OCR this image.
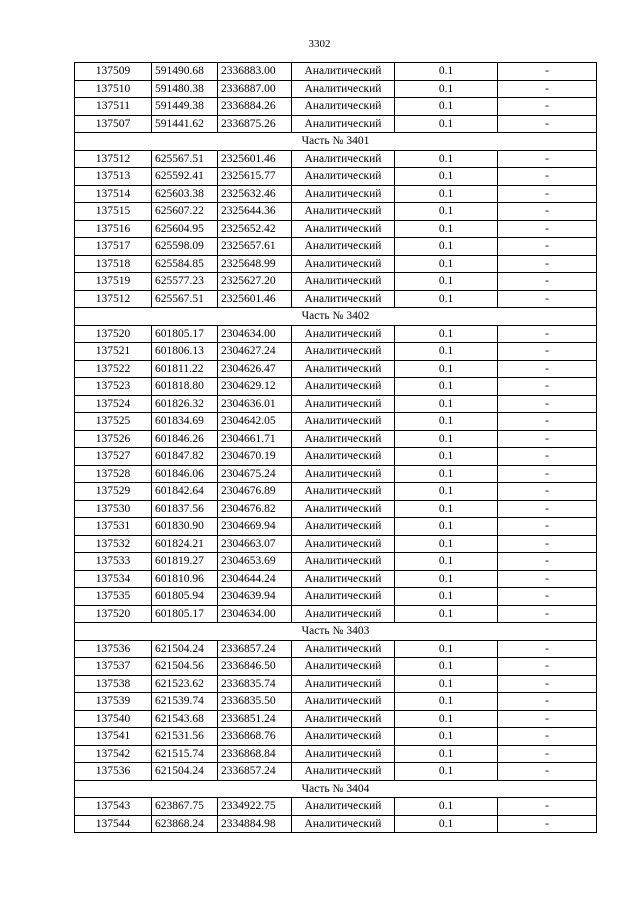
3302
137509	591490.68	2336883.00	Аналитический	0.1	-
137510	591480.38	2336887.00	Аналитический	0.1	-
137511	591449.38	2336884.26	Аналитический	0.1	-
137507	591441.62	2336875.26	Аналитический	0.1	-
Часть № 3401					
137512	625567.51	2325601.46	Аналитический	0.1	-
137513	625592.41	2325615.77	Аналитический	0.1	-
137514	625603.38	2325632.46	Аналитический	0.1	-
137515	625607.22	2325644.36	Аналитический	0.1	-
137516	625604.95	2325652.42	Аналитический	0.1	-
137517	625598.09	2325657.61	Аналитический	0.1	-
137518	625584.85	2325648.99	Аналитический	0.1	-
137519	625577.23	2325627.20	Аналитический	0.1	-
137512	625567.51	2325601.46	Аналитический	0.1	-
Часть № 3402					
137520	601805.17	2304634.00	Аналитический	0.1	-
137521	601806.13	2304627.24	Аналитический	0.1	-
137522	601811.22	2304626.47	Аналитический	0.1	-
137523	601818.80	2304629.12	Аналитический	0.1	-
137524	601826.32	2304636.01	Аналитический	0.1	-
137525	601834.69	2304642.05	Аналитический	0.1	-
137526	601846.26	2304661.71	Аналитический	0.1	-
137527	601847.82	2304670.19	Аналитический	0.1	-
137528	601846.06	2304675.24	Аналитический	0.1	-
137529	601842.64	2304676.89	Аналитический	0.1	-
137530	601837.56	2304676.82	Аналитический	0.1	-
137531	601830.90	2304669.94	Аналитический	0.1	-
137532	601824.21	2304663.07	Аналитический	0.1	-
137533	601819.27	2304653.69	Аналитический	0.1	-
137534	601810.96	2304644.24	Аналитический	0.1	-
137535	601805.94	2304639.94	Аналитический	0.1	-
137520	601805.17	2304634.00	Аналитический	0.1	-
Часть № 3403					
137536	621504.24	2336857.24	Аналитический	0.1	-
137537	621504.56	2336846.50	Аналитический	0.1	-
137538	621523.62	2336835.74	Аналитический	0.1	-
137539	621539.74	2336835.50	Аналитический	0.1	-
137540	621543.68	2336851.24	Аналитический	0.1	-
137541	621531.56	2336868.76	Аналитический	0.1	-
137542	621515.74	2336868.84	Аналитический	0.1	-
137536	621504.24	2336857.24	Аналитический	0.1	-
Часть № 3404					
137543	623867.75	2334922.75	Аналитический	0.1	-
137544	623868.24	2334884.98	Аналитический	0.1	-
